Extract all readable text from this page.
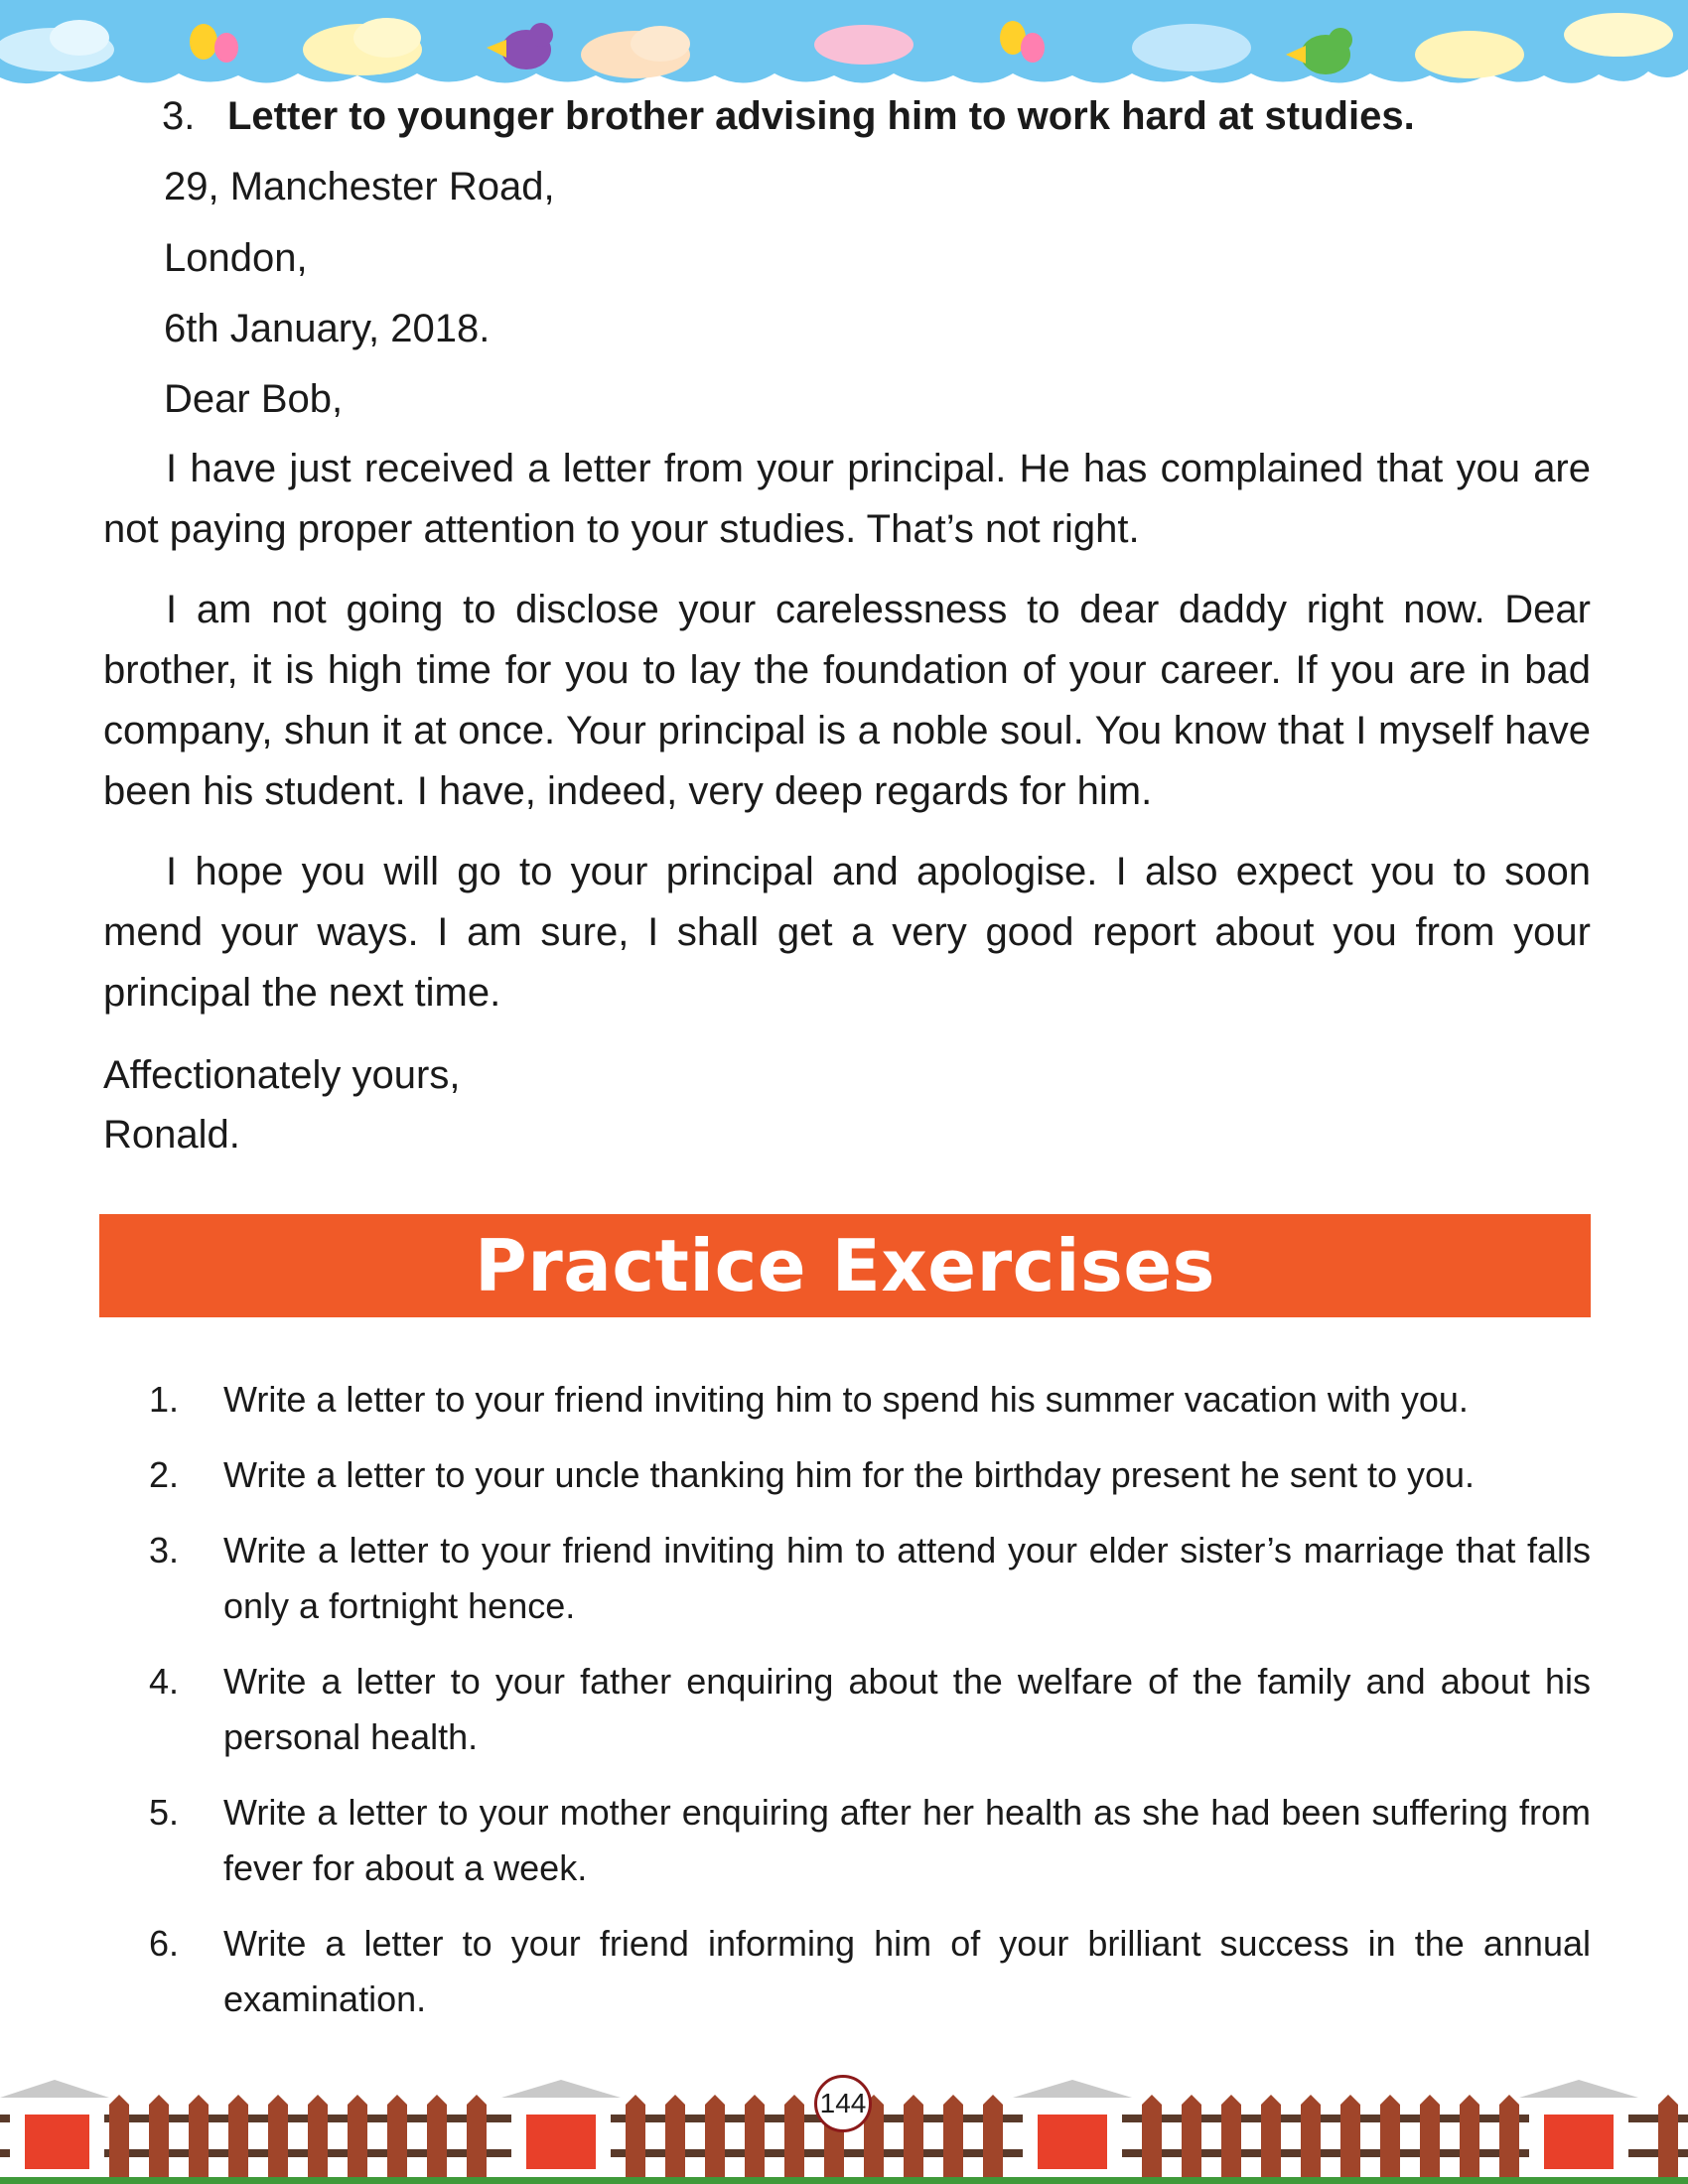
3. Letter to younger brother advising him to work hard at studies.
29, Manchester Road,
London,
6th January, 2018.
Dear Bob,

I have just received a letter from your principal. He has complained that you are not paying proper attention to your studies. That’s not right.

I am not going to disclose your carelessness to dear daddy right now. Dear brother, it is high time for you to lay the foundation of your career. If you are in bad company, shun it at once. Your principal is a noble soul. You know that I myself have been his student. I have, indeed, very deep regards for him.

I hope you will go to your principal and apologise. I also expect you to soon mend your ways. I am sure, I shall get a very good report about you from your principal the next time.

Affectionately yours,
Ronald.
Practice Exercises
1.	Write a letter to your friend inviting him to spend his summer vacation with you.
2.	Write a letter to your uncle thanking him for the birthday present he sent to you.
3.	Write a letter to your friend inviting him to attend your elder sister’s marriage that falls only a fortnight hence.
4.	Write a letter to your father enquiring about the welfare of the family and about his personal health.
5.	Write a letter to your mother enquiring after her health as she had been suffering from fever for about a week.
6.	Write a letter to your friend informing him of your brilliant success in the annual examination.
144
